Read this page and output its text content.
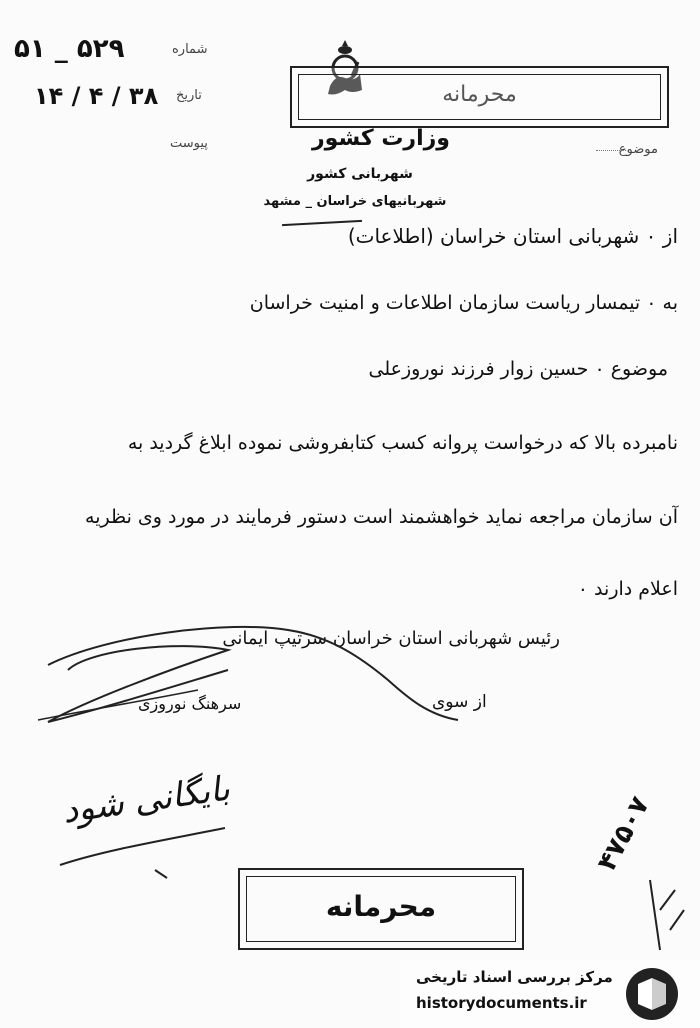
۵۲۹ _ ۵۱	شماره
۳۸ / ۴ / ۱۴ تاریخ
پیوست	موضوع
محرمانه
وزارت کشور
شهربانی کشور
شهربانیهای خراسان _ مشهد
از ۰ شهربانی استان خراسان (اطلاعات)
به ۰ تیمسار ریاست سازمان اطلاعات و امنیت خراسان
موضوع ۰ حسین زوار فرزند نوروزعلی
نامبرده بالا که درخواست پروانه کسب کتابفروشی نموده ابلاغ گردید به
آن سازمان مراجعه نماید خواهشمند است دستور فرمایند در مورد وی نظریه
اعلام دارند ۰
رئیس شهربانی استان خراسان سرتیپ ایمانی
از سوی
سرهنگ نوروزی
بایگانی شود
محرمانه
۴۷۵۰۷
مرکز بررسی اسناد تاریخی
historydocuments.ir
